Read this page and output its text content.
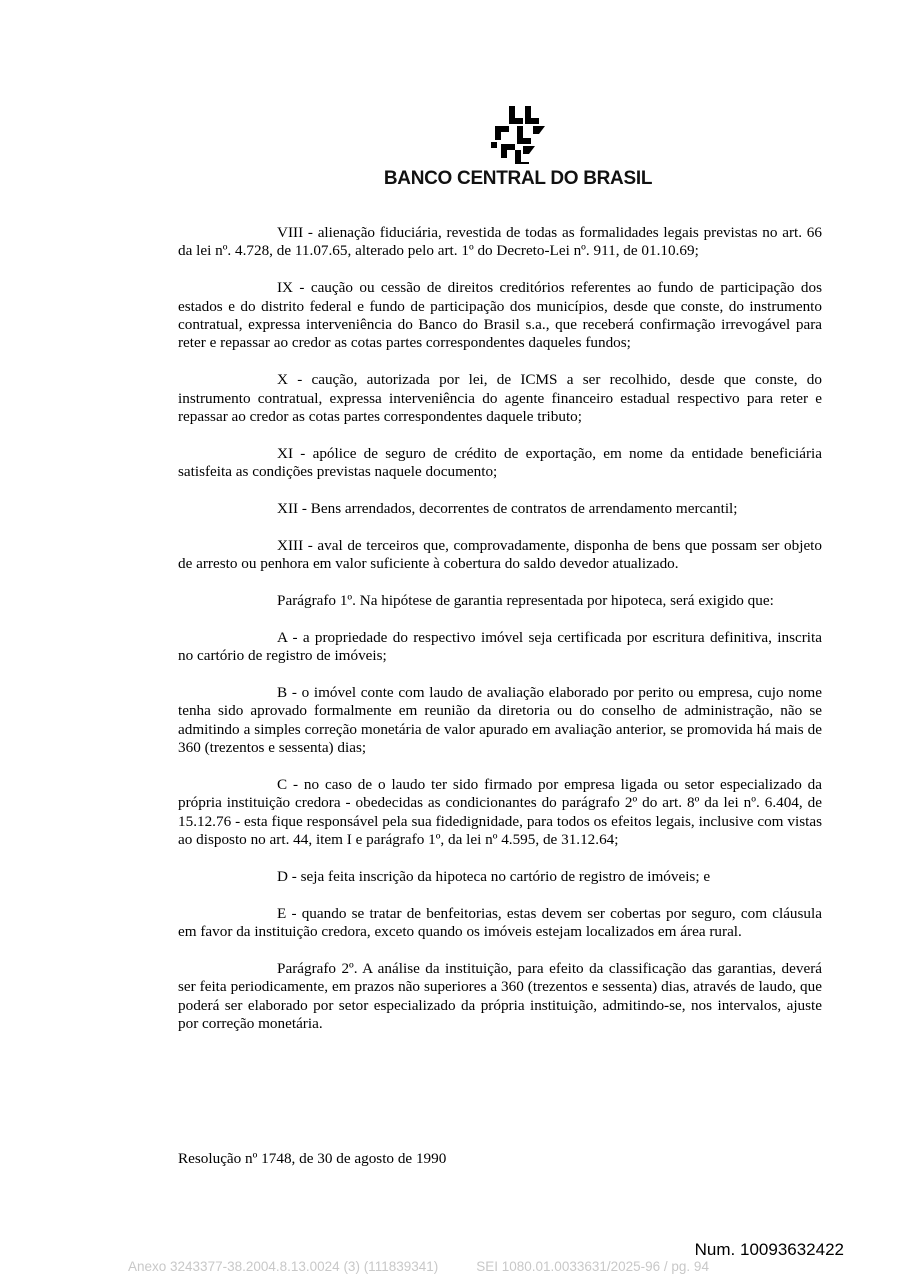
BANCO CENTRAL DO BRASIL

VIII - alienação fiduciária, revestida de todas as formalidades legais previstas no art. 66 da lei nº. 4.728, de 11.07.65, alterado pelo art. 1º do Decreto-Lei nº. 911, de 01.10.69;

IX - caução ou cessão de direitos creditórios referentes ao fundo de participação dos estados e do distrito federal e fundo de participação dos municípios, desde que conste, do instrumento contratual, expressa interveniência do Banco do Brasil s.a., que receberá confirmação irrevogável para reter e repassar ao credor as cotas partes correspondentes daqueles fundos;

X - caução, autorizada por lei, de ICMS a ser recolhido, desde que conste, do instrumento contratual, expressa interveniência do agente financeiro estadual respectivo para reter e repassar ao credor as cotas partes correspondentes daquele tributo;

XI - apólice de seguro de crédito de exportação, em nome da entidade beneficiária satisfeita as condições previstas naquele documento;

XII - Bens arrendados, decorrentes de contratos de arrendamento mercantil;

XIII - aval de terceiros que, comprovadamente, disponha de bens que possam ser objeto de arresto ou penhora em valor suficiente à cobertura do saldo devedor atualizado.

Parágrafo 1º. Na hipótese de garantia representada por hipoteca, será exigido que:

A - a propriedade do respectivo imóvel seja certificada por escritura definitiva, inscrita no cartório de registro de imóveis;

B - o imóvel conte com laudo de avaliação elaborado por perito ou empresa, cujo nome tenha sido aprovado formalmente em reunião da diretoria ou do conselho de administração, não se admitindo a simples correção monetária de valor apurado em avaliação anterior, se promovida há mais de 360 (trezentos e sessenta) dias;

C - no caso de o laudo ter sido firmado por empresa ligada ou setor especializado da própria instituição credora - obedecidas as condicionantes do parágrafo 2º do art. 8º da lei nº. 6.404, de 15.12.76 - esta fique responsável pela sua fidedignidade, para todos os efeitos legais, inclusive com vistas ao disposto no art. 44, item I e parágrafo 1º, da lei nº 4.595, de 31.12.64;

D - seja feita inscrição da hipoteca no cartório de registro de imóveis; e

E - quando se tratar de benfeitorias, estas devem ser cobertas por seguro, com cláusula em favor da instituição credora, exceto quando os imóveis estejam localizados em área rural.

Parágrafo 2º. A análise da instituição, para efeito da classificação das garantias, deverá ser feita periodicamente, em prazos não superiores a 360 (trezentos e sessenta) dias, através de laudo, que poderá ser elaborado por setor especializado da própria instituição, admitindo-se, nos intervalos, ajuste por correção monetária.

Resolução nº 1748, de 30 de agosto de 1990
Num. 10093632422
Anexo 3243377-38.2004.8.13.0024 (3) (111839341)	SEI 1080.01.0033631/2025-96 / pg. 94
